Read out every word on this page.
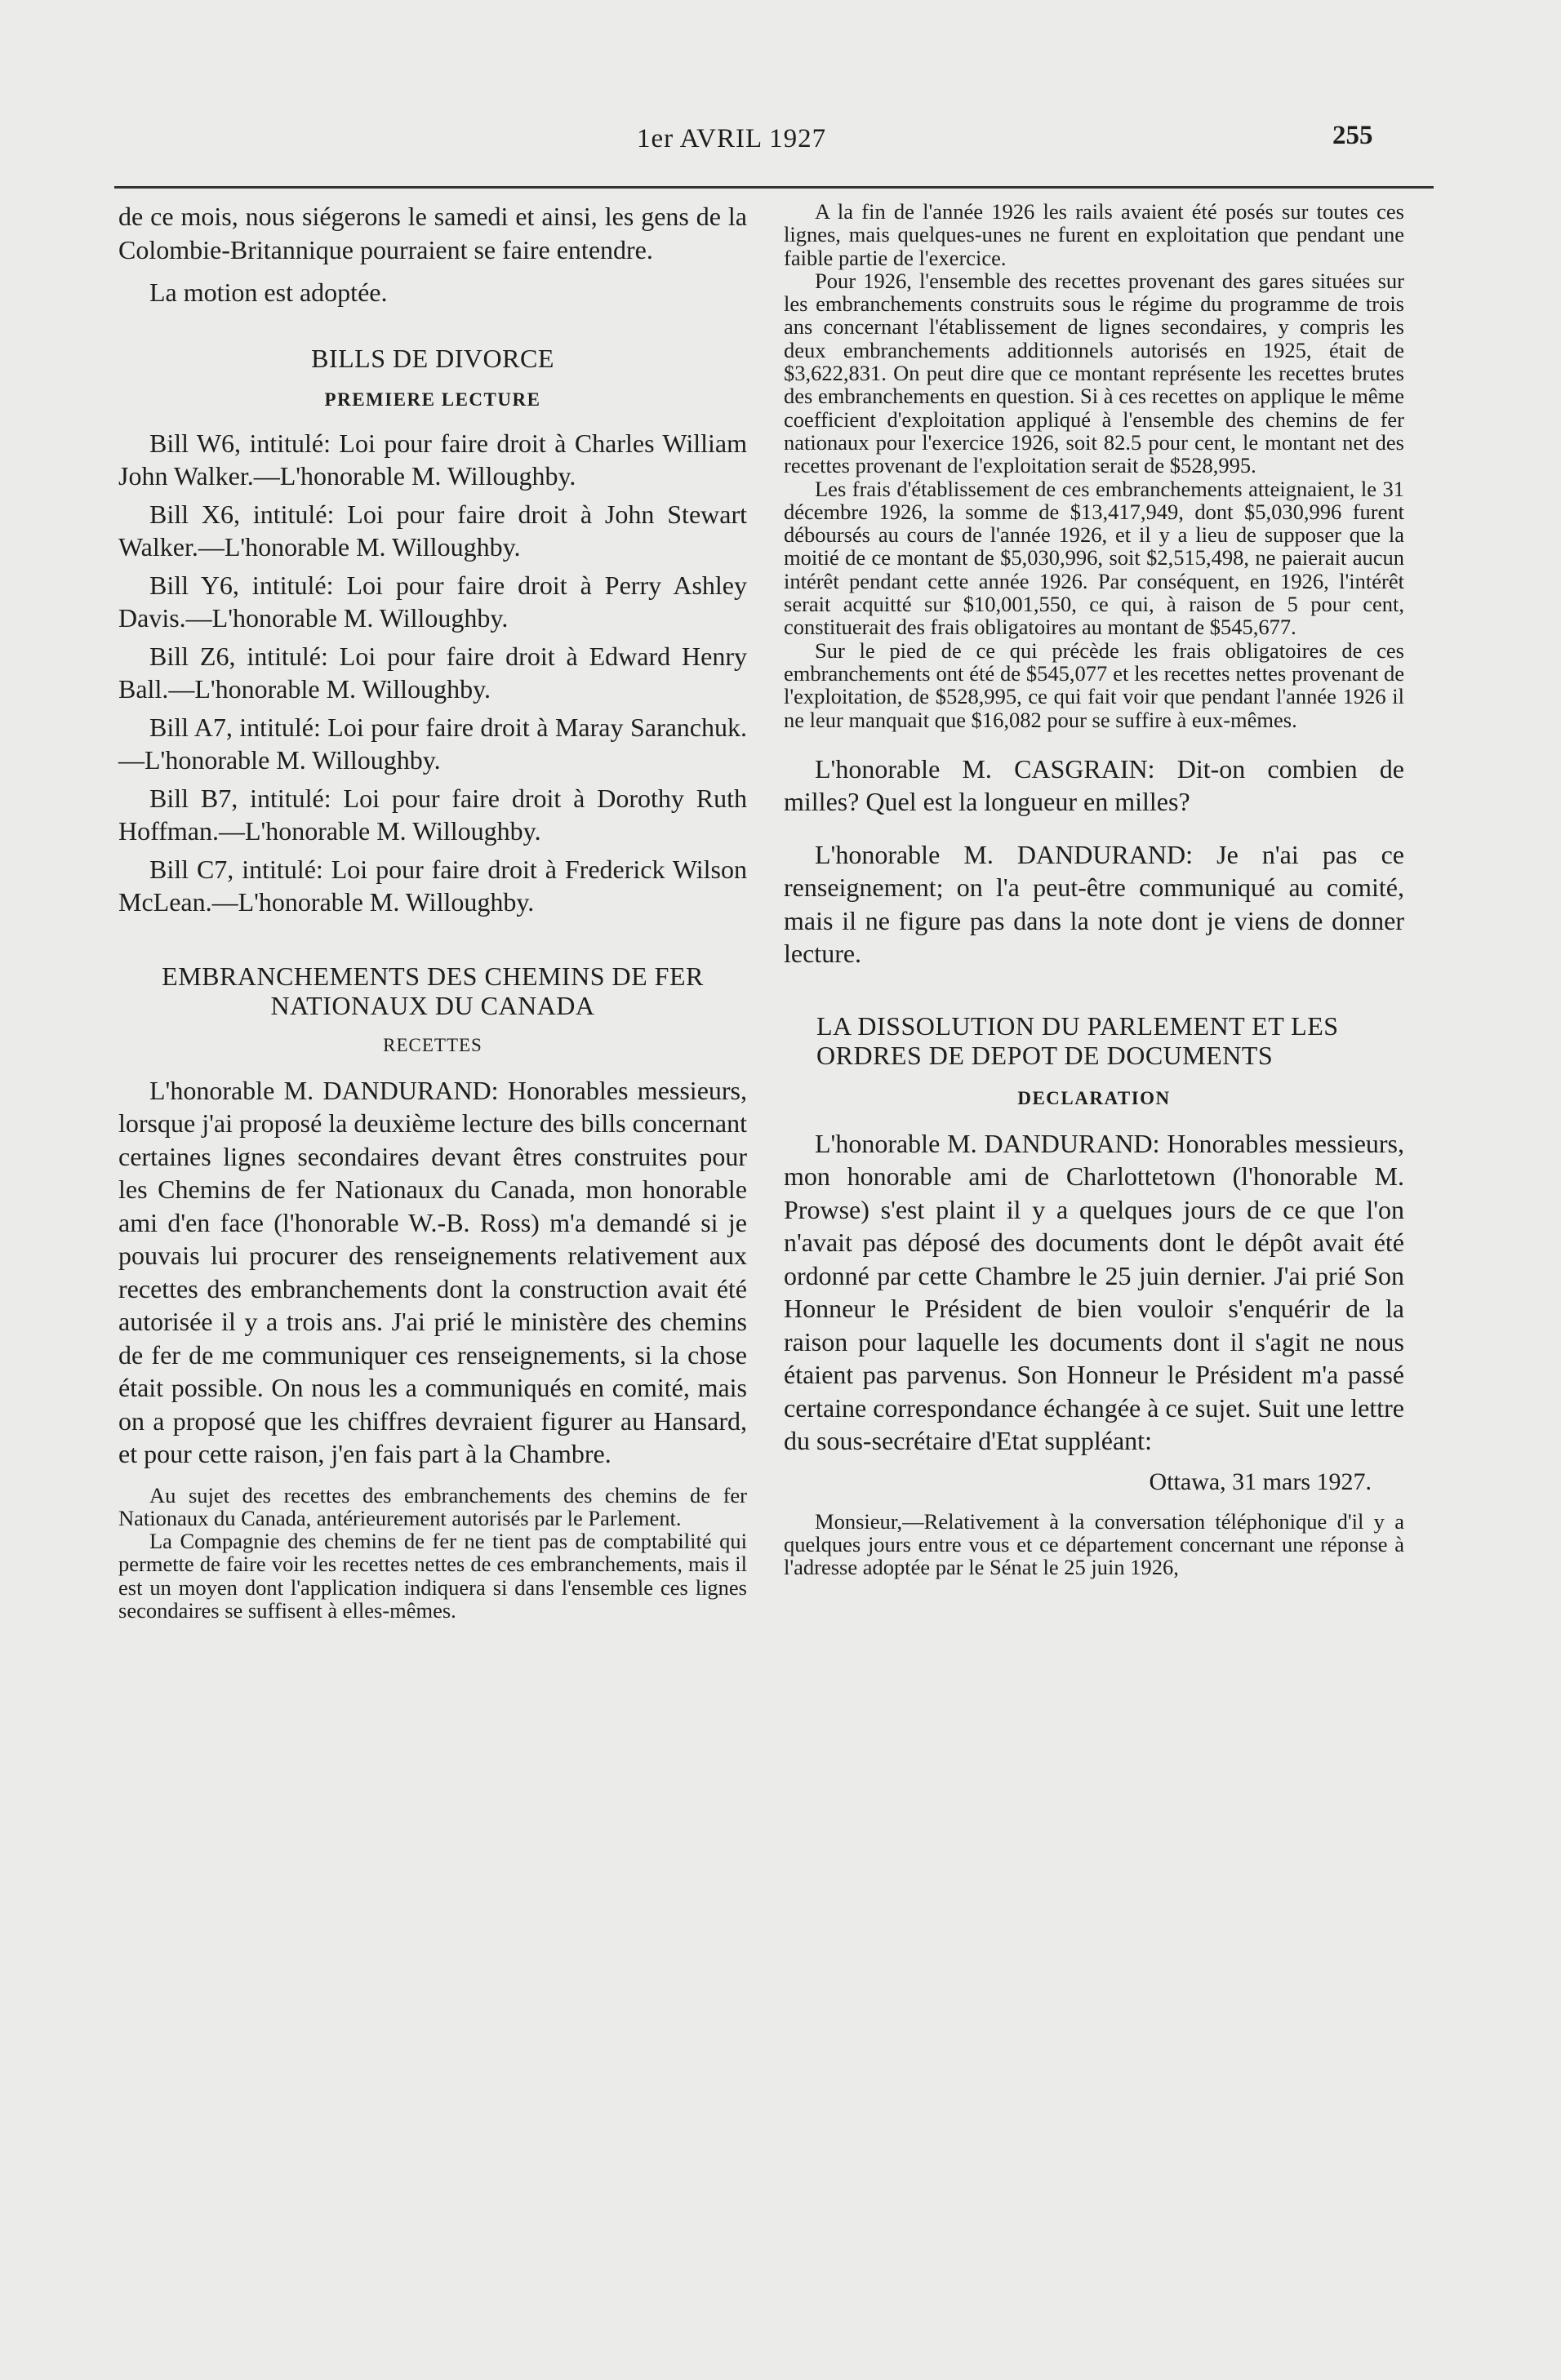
1er AVRIL 1927	255

de ce mois, nous siégerons le samedi et ainsi, les gens de la Colombie-Britannique pourraient se faire entendre.

La motion est adoptée.

BILLS DE DIVORCE
PREMIERE LECTURE

Bill W6, intitulé: Loi pour faire droit à Charles William John Walker.—L'honorable M. Willoughby.

Bill X6, intitulé: Loi pour faire droit à John Stewart Walker.—L'honorable M. Willoughby.

Bill Y6, intitulé: Loi pour faire droit à Perry Ashley Davis.—L'honorable M. Willoughby.

Bill Z6, intitulé: Loi pour faire droit à Edward Henry Ball.—L'honorable M. Willoughby.

Bill A7, intitulé: Loi pour faire droit à Maray Saranchuk.—L'honorable M. Willoughby.

Bill B7, intitulé: Loi pour faire droit à Dorothy Ruth Hoffman.—L'honorable M. Willoughby.

Bill C7, intitulé: Loi pour faire droit à Frederick Wilson McLean.—L'honorable M. Willoughby.

EMBRANCHEMENTS DES CHEMINS DE FER NATIONAUX DU CANADA
RECETTES

L'honorable M. DANDURAND: Honorables messieurs, lorsque j'ai proposé la deuxième lecture des bills concernant certaines lignes secondaires devant êtres construites pour les Chemins de fer Nationaux du Canada, mon honorable ami d'en face (l'honorable W.-B. Ross) m'a demandé si je pouvais lui procurer des renseignements relativement aux recettes des embranchements dont la construction avait été autorisée il y a trois ans. J'ai prié le ministère des chemins de fer de me communiquer ces renseignements, si la chose était possible. On nous les a communiqués en comité, mais on a proposé que les chiffres devraient figurer au Hansard, et pour cette raison, j'en fais part à la Chambre.

Au sujet des recettes des embranchements des chemins de fer Nationaux du Canada, antérieurement autorisés par le Parlement.

La Compagnie des chemins de fer ne tient pas de comptabilité qui permette de faire voir les recettes nettes de ces embranchements, mais il est un moyen dont l'application indiquera si dans l'ensemble ces lignes secondaires se suffisent à elles-mêmes.

A la fin de l'année 1926 les rails avaient été posés sur toutes ces lignes, mais quelques-unes ne furent en exploitation que pendant une faible partie de l'exercice.

Pour 1926, l'ensemble des recettes provenant des gares situées sur les embranchements construits sous le régime du programme de trois ans concernant l'établissement de lignes secondaires, y compris les deux embranchements additionnels autorisés en 1925, était de $3,622,831. On peut dire que ce montant représente les recettes brutes des embranchements en question. Si à ces recettes on applique le même coefficient d'exploitation appliqué à l'ensemble des chemins de fer nationaux pour l'exercice 1926, soit 82.5 pour cent, le montant net des recettes provenant de l'exploitation serait de $528,995.

Les frais d'établissement de ces embranchements atteignaient, le 31 décembre 1926, la somme de $13,417,949, dont $5,030,996 furent déboursés au cours de l'année 1926, et il y a lieu de supposer que la moitié de ce montant de $5,030,996, soit $2,515,498, ne paierait aucun intérêt pendant cette année 1926. Par conséquent, en 1926, l'intérêt serait acquitté sur $10,001,550, ce qui, à raison de 5 pour cent, constituerait des frais obligatoires au montant de $545,677.

Sur le pied de ce qui précède les frais obligatoires de ces embranchements ont été de $545,077 et les recettes nettes provenant de l'exploitation, de $528,995, ce qui fait voir que pendant l'année 1926 il ne leur manquait que $16,082 pour se suffire à eux-mêmes.

L'honorable M. CASGRAIN: Dit-on combien de milles? Quel est la longueur en milles?

L'honorable M. DANDURAND: Je n'ai pas ce renseignement; on l'a peut-être communiqué au comité, mais il ne figure pas dans la note dont je viens de donner lecture.

LA DISSOLUTION DU PARLEMENT ET LES ORDRES DE DEPOT DE DOCUMENTS
DECLARATION

L'honorable M. DANDURAND: Honorables messieurs, mon honorable ami de Charlottetown (l'honorable M. Prowse) s'est plaint il y a quelques jours de ce que l'on n'avait pas déposé des documents dont le dépôt avait été ordonné par cette Chambre le 25 juin dernier. J'ai prié Son Honneur le Président de bien vouloir s'enquérir de la raison pour laquelle les documents dont il s'agit ne nous étaient pas parvenus. Son Honneur le Président m'a passé certaine correspondance échangée à ce sujet. Suit une lettre du sous-secrétaire d'Etat suppléant:

Ottawa, 31 mars 1927.

Monsieur,—Relativement à la conversation téléphonique d'il y a quelques jours entre vous et ce département concernant une réponse à l'adresse adoptée par le Sénat le 25 juin 1926,
